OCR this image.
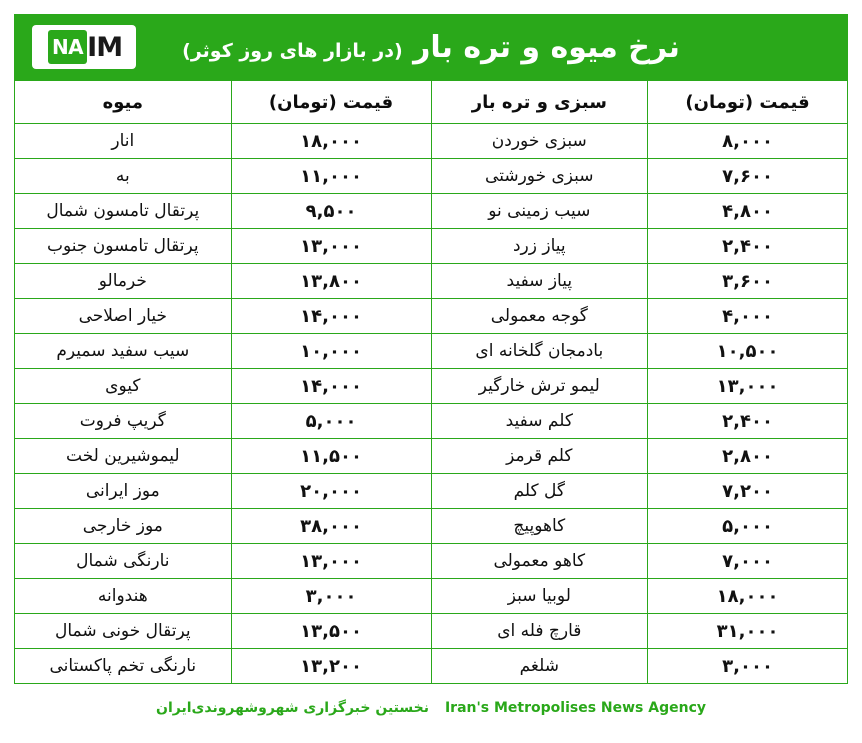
IM
NA	نرخ میوه و تره بار (در بازار های روز کوثر)
قیمت (تومان)	سبزی و تره بار	قیمت (تومان)	میوه
۸,۰۰۰	سبزی خوردن	۱۸,۰۰۰	انار
۷,۶۰۰	سبزی خورشتی	۱۱,۰۰۰	به
۴,۸۰۰	سیب زمینی نو	۹,۵۰۰	پرتقال تامسون شمال
۲,۴۰۰	پیاز زرد	۱۳,۰۰۰	پرتقال تامسون جنوب
۳,۶۰۰	پیاز سفید	۱۳,۸۰۰	خرمالو
۴,۰۰۰	گوجه معمولی	۱۴,۰۰۰	خیار اصلاحی
۱۰,۵۰۰	بادمجان گلخانه ای	۱۰,۰۰۰	سیب سفید سمیرم
۱۳,۰۰۰	لیمو ترش خارگیر	۱۴,۰۰۰	کیوی
۲,۴۰۰	کلم سفید	۵,۰۰۰	گریپ فروت
۲,۸۰۰	کلم قرمز	۱۱,۵۰۰	لیموشیرین لخت
۷,۲۰۰	گل کلم	۲۰,۰۰۰	موز ایرانی
۵,۰۰۰	کاهوپیچ	۳۸,۰۰۰	موز خارجی
۷,۰۰۰	کاهو معمولی	۱۳,۰۰۰	نارنگی شمال
۱۸,۰۰۰	لوبیا سبز	۳,۰۰۰	هندوانه
۳۱,۰۰۰	قارچ فله ای	۱۳,۵۰۰	پرتقال خونی شمال
۳,۰۰۰	شلغم	۱۳,۲۰۰	نارنگی تخم پاکستانی
Iran's Metropolises News Agency
نخستین خبرگزاری شهروشهروندی‌ایران
